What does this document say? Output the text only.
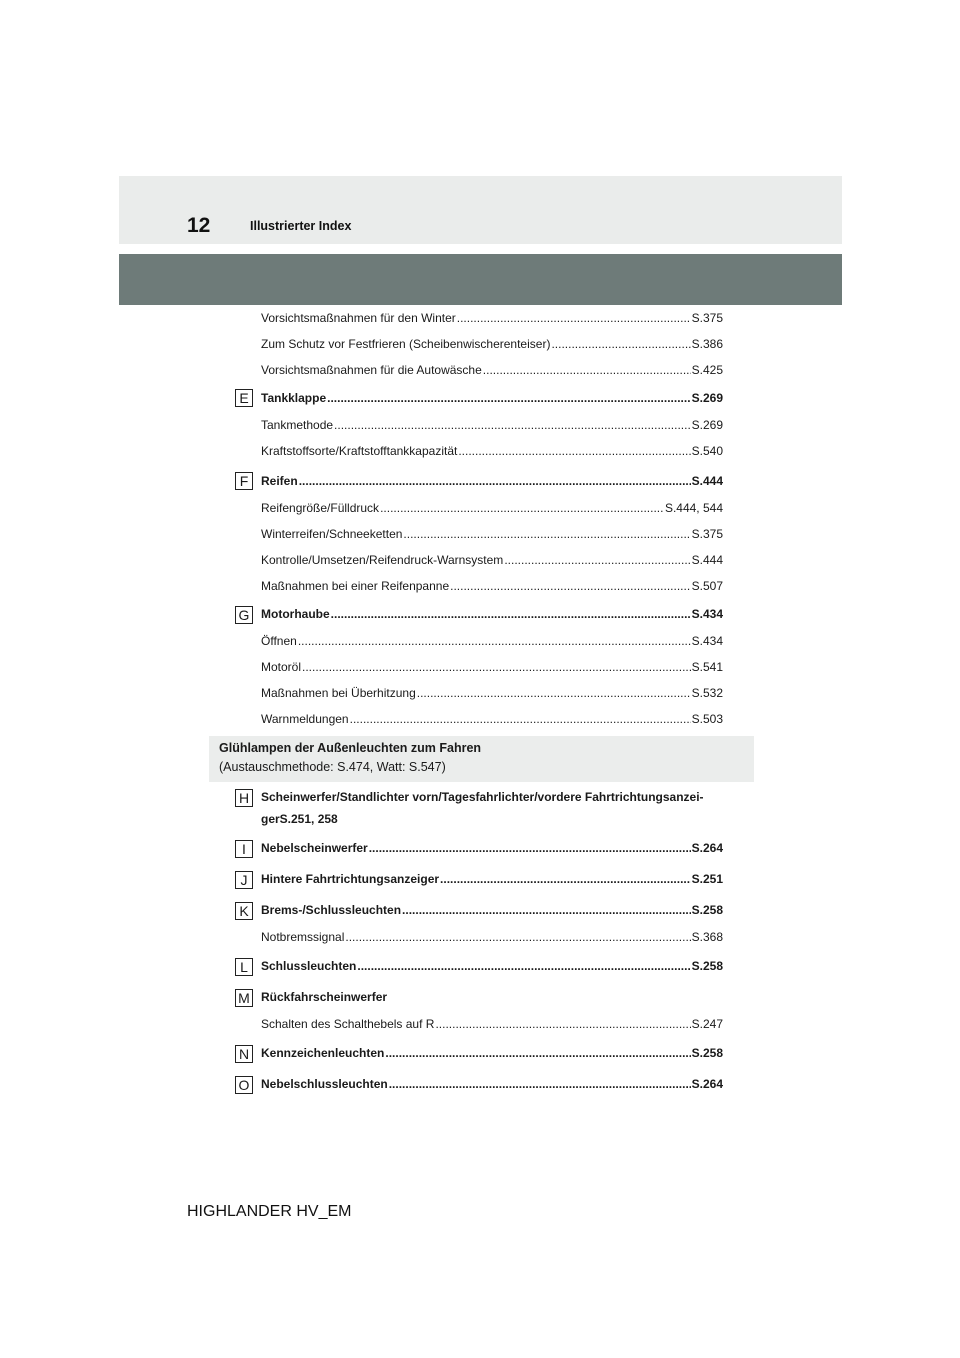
12	Illustrierter Index
Vorsichtsmaßnahmen für den Winter .....	S.375
Zum Schutz vor Festfrieren (Scheibenwischerenteiser) .....	S.386
Vorsichtsmaßnahmen für die Autowäsche .....	S.425
E	Tankklappe .....	S.269
Tankmethode .....	S.269
Kraftstoffsorte/Kraftstofftankkapazität .....	S.540
F	Reifen .....	S.444
Reifengröße/Fülldruck .....	S.444, 544
Winterreifen/Schneeketten .....	S.375
Kontrolle/Umsetzen/Reifendruck-Warnsystem .....	S.444
Maßnahmen bei einer Reifenpanne .....	S.507
G Motorhaube .....	S.434
Öffnen .....	S.434
Motoröl .....	S.541
Maßnahmen bei Überhitzung .....	S.532
Warnmeldungen .....	S.503
Glühlampen der Außenleuchten zum Fahren
(Austauschmethode: S.474, Watt: S.547)
H Scheinwerfer/Standlichter vorn/Tagesfahrlichter/vordere Fahrtrichtungsanzei-
gerS.251, 258
I	Nebelscheinwerfer .....	S.264
J	Hintere Fahrtrichtungsanzeiger .....	S.251
K	Brems-/Schlussleuchten .....	S.258
Notbremssignal .....	S.368
L	Schlussleuchten .....	S.258
M Rückfahrscheinwerfer
Schalten des Schalthebels auf R .....	S.247
N Kennzeichenleuchten .....	S.258
O Nebelschlussleuchten .....	S.264
HIGHLANDER HV_EM
